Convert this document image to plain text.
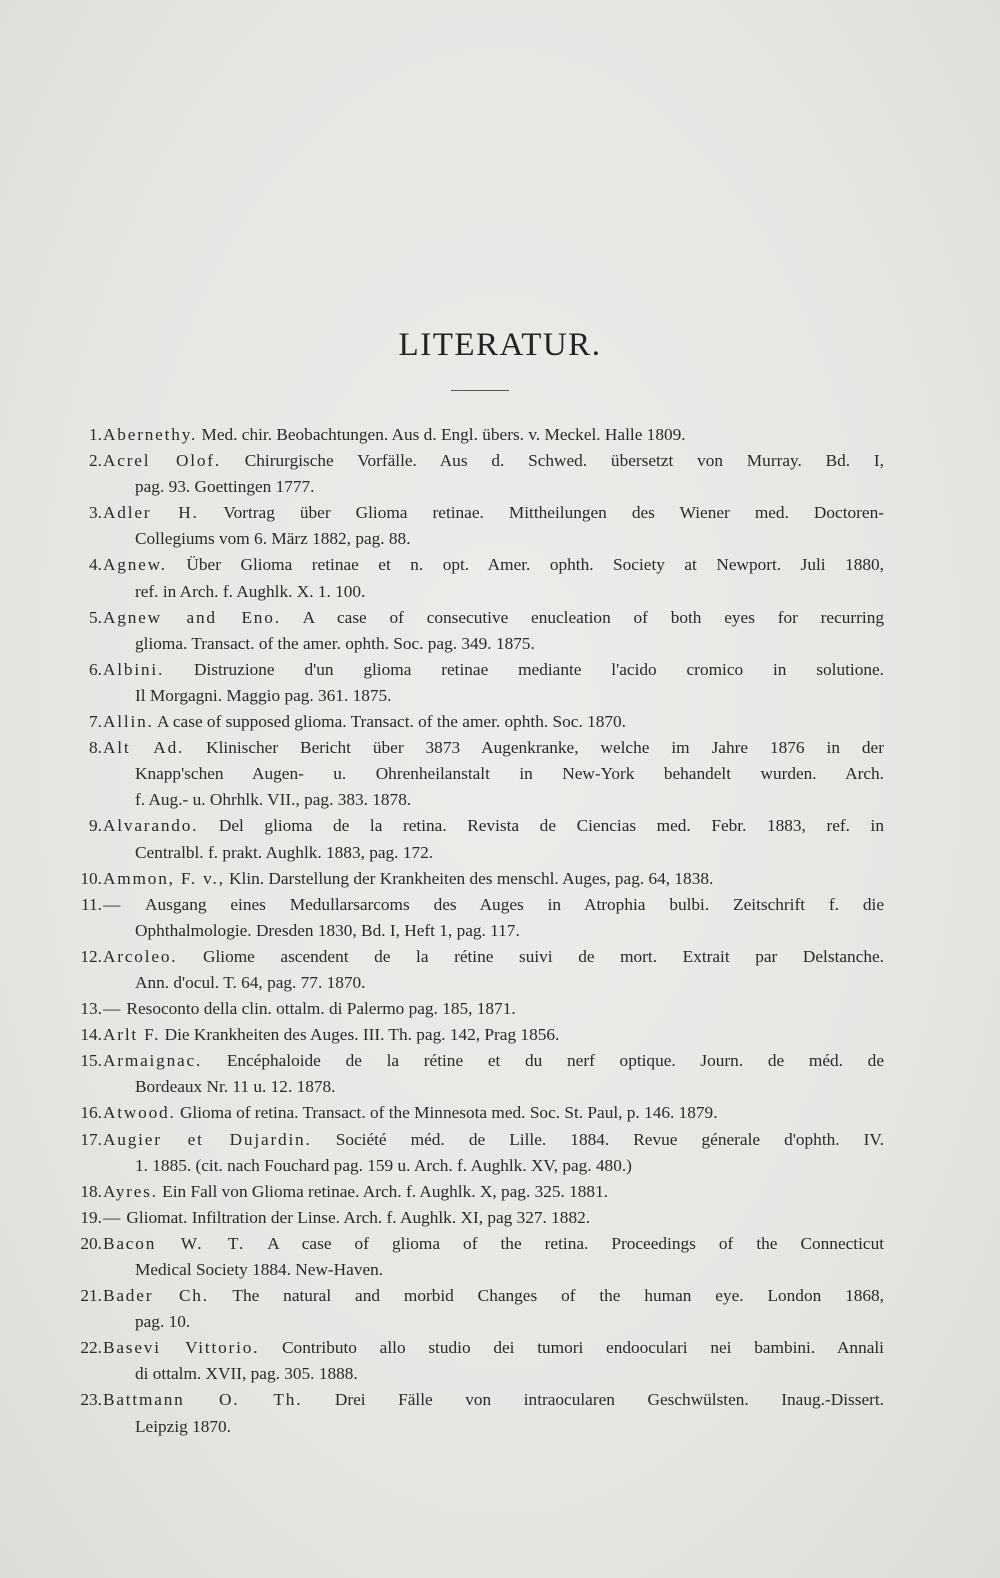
LITERATUR.
1. Abernethy. Med. chir. Beobachtungen. Aus d. Engl. übers. v. Meckel. Halle 1809.
2. Acrel Olof. Chirurgische Vorfälle. Aus d. Schwed. übersetzt von Murray. Bd. I,
pag. 93. Goettingen 1777.
3. Adler H. Vortrag über Glioma retinae. Mittheilungen des Wiener med. Doctoren-
Collegiums vom 6. März 1882, pag. 88.
4. Agnew. Über Glioma retinae et n. opt. Amer. ophth. Society at Newport. Juli 1880,
ref. in Arch. f. Aughlk. X. 1. 100.
5. Agnew and Eno. A case of consecutive enucleation of both eyes for recurring
glioma. Transact. of the amer. ophth. Soc. pag. 349. 1875.
6. Albini. Distruzione d'un glioma retinae mediante l'acido cromico in solutione.
Il Morgagni. Maggio pag. 361. 1875.
7. Allin. A case of supposed glioma. Transact. of the amer. ophth. Soc. 1870.
8. Alt Ad. Klinischer Bericht über 3873 Augenkranke, welche im Jahre 1876 in der
Knapp'schen Augen- u. Ohrenheilanstalt in New-York behandelt wurden. Arch.
f. Aug.- u. Ohrhlk. VII., pag. 383. 1878.
9. Alvarando. Del glioma de la retina. Revista de Ciencias med. Febr. 1883, ref. in
Centralbl. f. prakt. Aughlk. 1883, pag. 172.
10. Ammon, F. v., Klin. Darstellung der Krankheiten des menschl. Auges, pag. 64, 1838.
11. — Ausgang eines Medullarsarcoms des Auges in Atrophia bulbi. Zeitschrift f. die
Ophthalmologie. Dresden 1830, Bd. I, Heft 1, pag. 117.
12. Arcoleo. Gliome ascendent de la rétine suivi de mort. Extrait par Delstanche.
Ann. d'ocul. T. 64, pag. 77. 1870.
13. — Resoconto della clin. ottalm. di Palermo pag. 185, 1871.
14. Arlt F. Die Krankheiten des Auges. III. Th. pag. 142, Prag 1856.
15. Armaignac. Encéphaloide de la rétine et du nerf optique. Journ. de méd. de
Bordeaux Nr. 11 u. 12. 1878.
16. Atwood. Glioma of retina. Transact. of the Minnesota med. Soc. St. Paul, p. 146. 1879.
17. Augier et Dujardin. Société méd. de Lille. 1884. Revue génerale d'ophth. IV.
1. 1885. (cit. nach Fouchard pag. 159 u. Arch. f. Aughlk. XV, pag. 480.)
18. Ayres. Ein Fall von Glioma retinae. Arch. f. Aughlk. X, pag. 325. 1881.
19. — Gliomat. Infiltration der Linse. Arch. f. Aughlk. XI, pag 327. 1882.
20. Bacon W. T. A case of glioma of the retina. Proceedings of the Connecticut
Medical Society 1884. New-Haven.
21. Bader Ch. The natural and morbid Changes of the human eye. London 1868,
pag. 10.
22. Basevi Vittorio. Contributo allo studio dei tumori endooculari nei bambini. Annali
di ottalm. XVII, pag. 305. 1888.
23. Battmann O. Th. Drei Fälle von intraocularen Geschwülsten. Inaug.-Dissert.
Leipzig 1870.
